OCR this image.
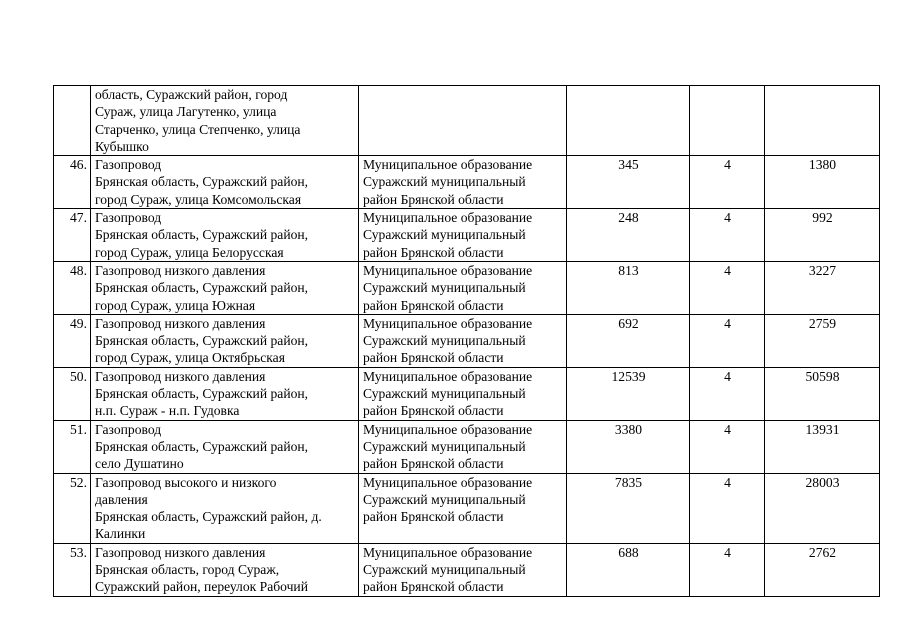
	область, Суражский район, город
Сураж, улица Лагутенко, улица
Старченко, улица Степченко, улица
Кубышко				

46.	Газопровод
Брянская область, Суражский район,
город Сураж, улица Комсомольская	Муниципальное образование
Суражский муниципальный
район Брянской области	345	4	1380
47.	Газопровод
Брянская область, Суражский район,
город Сураж, улица Белорусская	Муниципальное образование
Суражский муниципальный
район Брянской области	248	4	992
48.	Газопровод низкого давления
Брянская область, Суражский район,
город Сураж, улица Южная	Муниципальное образование
Суражский муниципальный
район Брянской области	813	4	3227
49.	Газопровод низкого давления
Брянская область, Суражский район,
город Сураж, улица Октябрьская	Муниципальное образование
Суражский муниципальный
район Брянской области	692	4	2759
50.	Газопровод низкого давления
Брянская область, Суражский район,
н.п. Сураж - н.п. Гудовка	Муниципальное образование
Суражский муниципальный
район Брянской области	12539	4	50598
51.	Газопровод
Брянская область, Суражский район,
село Душатино	Муниципальное образование
Суражский муниципальный
район Брянской области	3380	4	13931
52.	Газопровод высокого и низкого
давления
Брянская область, Суражский район, д.
Калинки	Муниципальное образование
Суражский муниципальный
район Брянской области	7835	4	28003
53.	Газопровод низкого давления
Брянская область, город Сураж,
Суражский район, переулок Рабочий	Муниципальное образование
Суражский муниципальный
район Брянской области	688	4	2762
